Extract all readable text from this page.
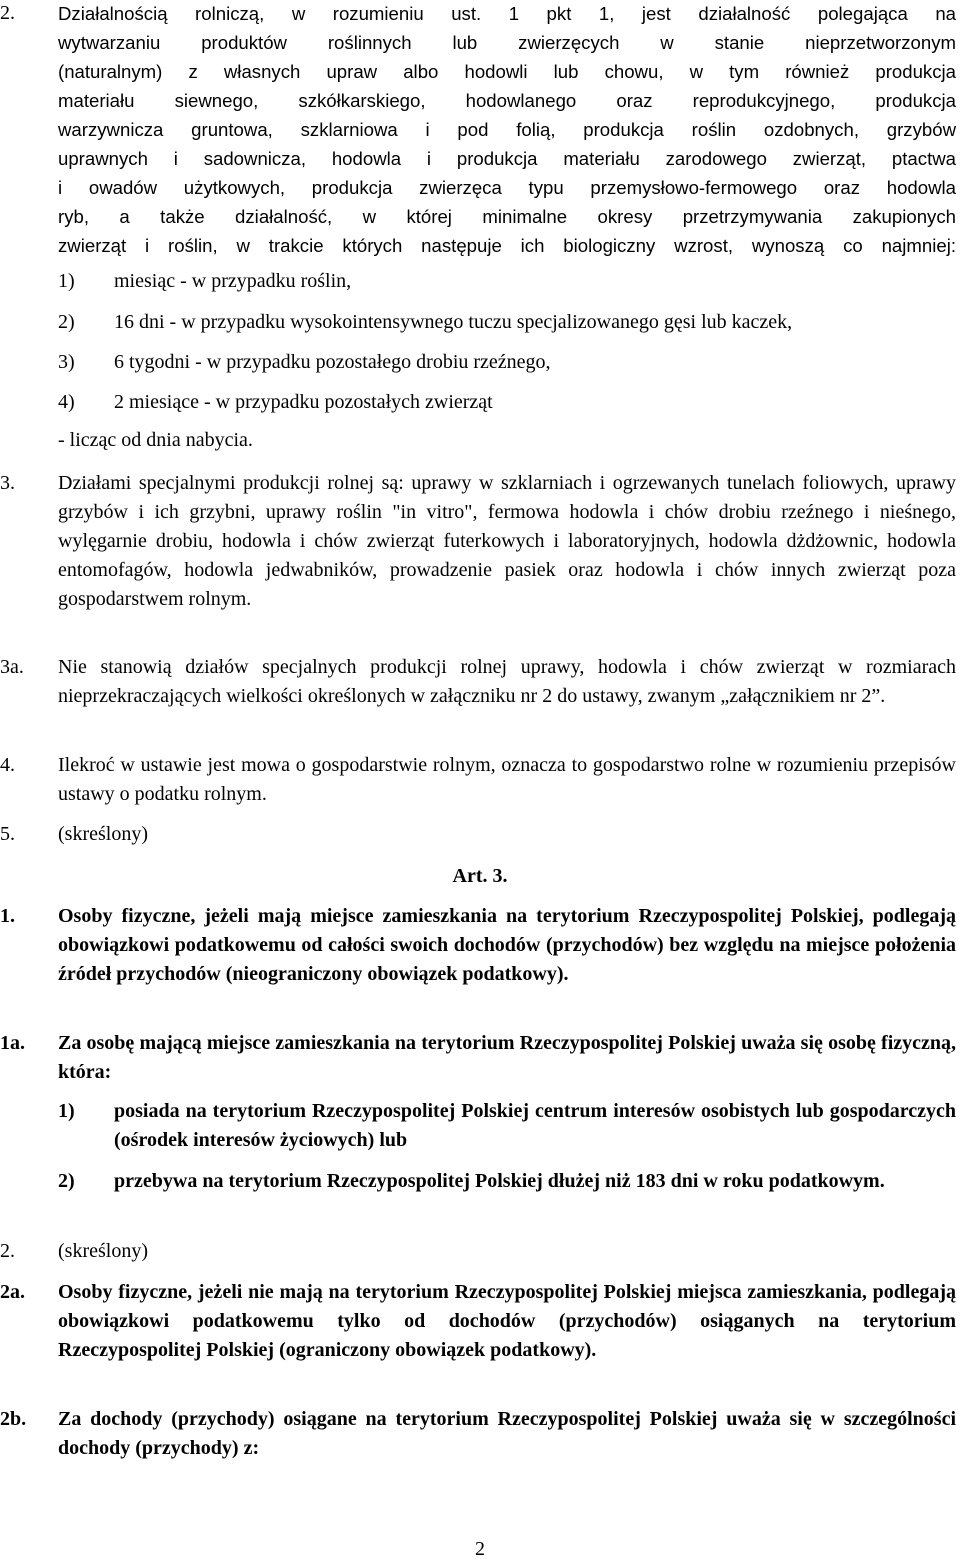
2.	Działalnością rolniczą, w rozumieniu ust. 1 pkt 1, jest działalność polegająca na
wytwarzaniu produktów roślinnych lub zwierzęcych w stanie nieprzetworzonym
(naturalnym) z własnych upraw albo hodowli lub chowu, w tym również produkcja
materiału siewnego, szkółkarskiego, hodowlanego oraz reprodukcyjnego, produkcja
warzywnicza gruntowa, szklarniowa i pod folią, produkcja roślin ozdobnych, grzybów
uprawnych i sadownicza, hodowla i produkcja materiału zarodowego zwierząt, ptactwa
i owadów użytkowych, produkcja zwierzęca typu przemysłowo-fermowego oraz hodowla
ryb, a także działalność, w której minimalne okresy przetrzymywania zakupionych
zwierząt i roślin, w trakcie których następuje ich biologiczny wzrost, wynoszą co najmniej:
1)	miesiąc - w przypadku roślin,
2)	16 dni - w przypadku wysokointensywnego tuczu specjalizowanego gęsi lub kaczek,
3)	6 tygodni - w przypadku pozostałego drobiu rzeźnego,
4)	2 miesiące - w przypadku pozostałych zwierząt
- licząc od dnia nabycia.
3.	Działami specjalnymi produkcji rolnej są: uprawy w szklarniach i ogrzewanych tunelach foliowych, uprawy grzybów i ich grzybni, uprawy roślin "in vitro", fermowa hodowla i chów drobiu rzeźnego i nieśnego, wylęgarnie drobiu, hodowla i chów zwierząt futerkowych i laboratoryjnych, hodowla dżdżownic, hodowla entomofagów, hodowla jedwabników, prowadzenie pasiek oraz hodowla i chów innych zwierząt poza gospodarstwem rolnym.
3a.	Nie stanowią działów specjalnych produkcji rolnej uprawy, hodowla i chów zwierząt w rozmiarach nieprzekraczających wielkości określonych w załączniku nr 2 do ustawy, zwanym „załącznikiem nr 2”.
4.	Ilekroć w ustawie jest mowa o gospodarstwie rolnym, oznacza to gospodarstwo rolne w rozumieniu przepisów ustawy o podatku rolnym.
5.	(skreślony)
Art. 3.
1.	Osoby fizyczne, jeżeli mają miejsce zamieszkania na terytorium Rzeczypospolitej Polskiej, podlegają obowiązkowi podatkowemu od całości swoich dochodów (przychodów) bez względu na miejsce położenia źródeł przychodów (nieograniczony obowiązek podatkowy).
1a.	Za osobę mającą miejsce zamieszkania na terytorium Rzeczypospolitej Polskiej uważa się osobę fizyczną, która:
1)	posiada na terytorium Rzeczypospolitej Polskiej centrum interesów osobistych lub gospodarczych (ośrodek interesów życiowych) lub
2)	przebywa na terytorium Rzeczypospolitej Polskiej dłużej niż 183 dni w roku podatkowym.
2.	(skreślony)
2a.	Osoby fizyczne, jeżeli nie mają na terytorium Rzeczypospolitej Polskiej miejsca zamieszkania, podlegają obowiązkowi podatkowemu tylko od dochodów (przychodów) osiąganych na terytorium Rzeczypospolitej Polskiej (ograniczony obowiązek podatkowy).
2b.	Za dochody (przychody) osiągane na terytorium Rzeczypospolitej Polskiej uważa się w szczególności dochody (przychody) z:
2
